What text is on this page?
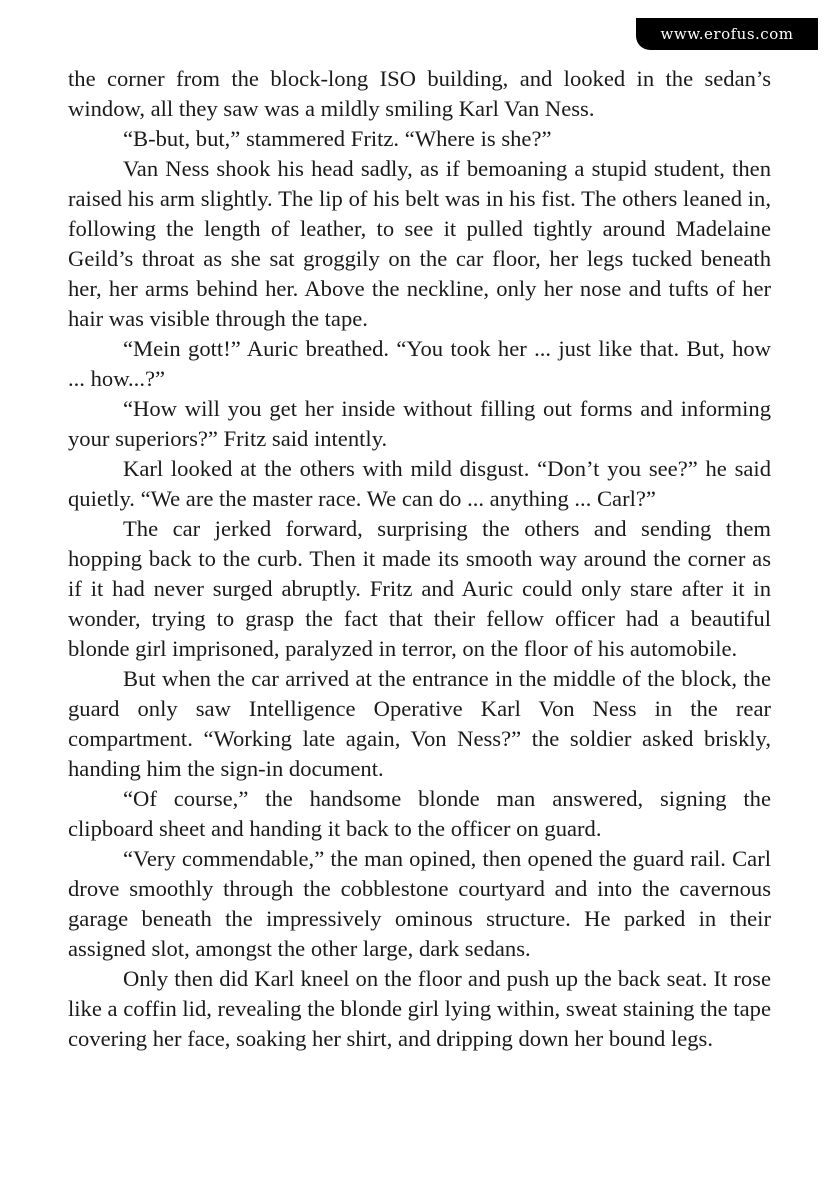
www.erofus.com

the corner from the block-long ISO building, and looked in the sedan’s window, all they saw was a mildly smiling Karl Van Ness.

“B-but, but,” stammered Fritz. “Where is she?”

Van Ness shook his head sadly, as if bemoaning a stupid student, then raised his arm slightly. The lip of his belt was in his fist. The others leaned in, following the length of leather, to see it pulled tightly around Madelaine Geild’s throat as she sat groggily on the car floor, her legs tucked beneath her, her arms behind her. Above the neckline, only her nose and tufts of her hair was visible through the tape.

“Mein gott!” Auric breathed. “You took her ... just like that. But, how ... how...?”

“How will you get her inside without filling out forms and informing your superiors?” Fritz said intently.

Karl looked at the others with mild disgust. “Don’t you see?” he said quietly. “We are the master race. We can do ... anything ... Carl?”

The car jerked forward, surprising the others and sending them hopping back to the curb. Then it made its smooth way around the corner as if it had never surged abruptly. Fritz and Auric could only stare after it in wonder, trying to grasp the fact that their fellow officer had a beautiful blonde girl imprisoned, paralyzed in terror, on the floor of his automobile.

But when the car arrived at the entrance in the middle of the block, the guard only saw Intelligence Operative Karl Von Ness in the rear compartment. “Working late again, Von Ness?” the soldier asked briskly, handing him the sign-in document.

“Of course,” the handsome blonde man answered, signing the clipboard sheet and handing it back to the officer on guard.

“Very commendable,” the man opined, then opened the guard rail. Carl drove smoothly through the cobblestone courtyard and into the cavernous garage beneath the impressively ominous structure. He parked in their assigned slot, amongst the other large, dark sedans.

Only then did Karl kneel on the floor and push up the back seat. It rose like a coffin lid, revealing the blonde girl lying within, sweat staining the tape covering her face, soaking her shirt, and dripping down her bound legs.
